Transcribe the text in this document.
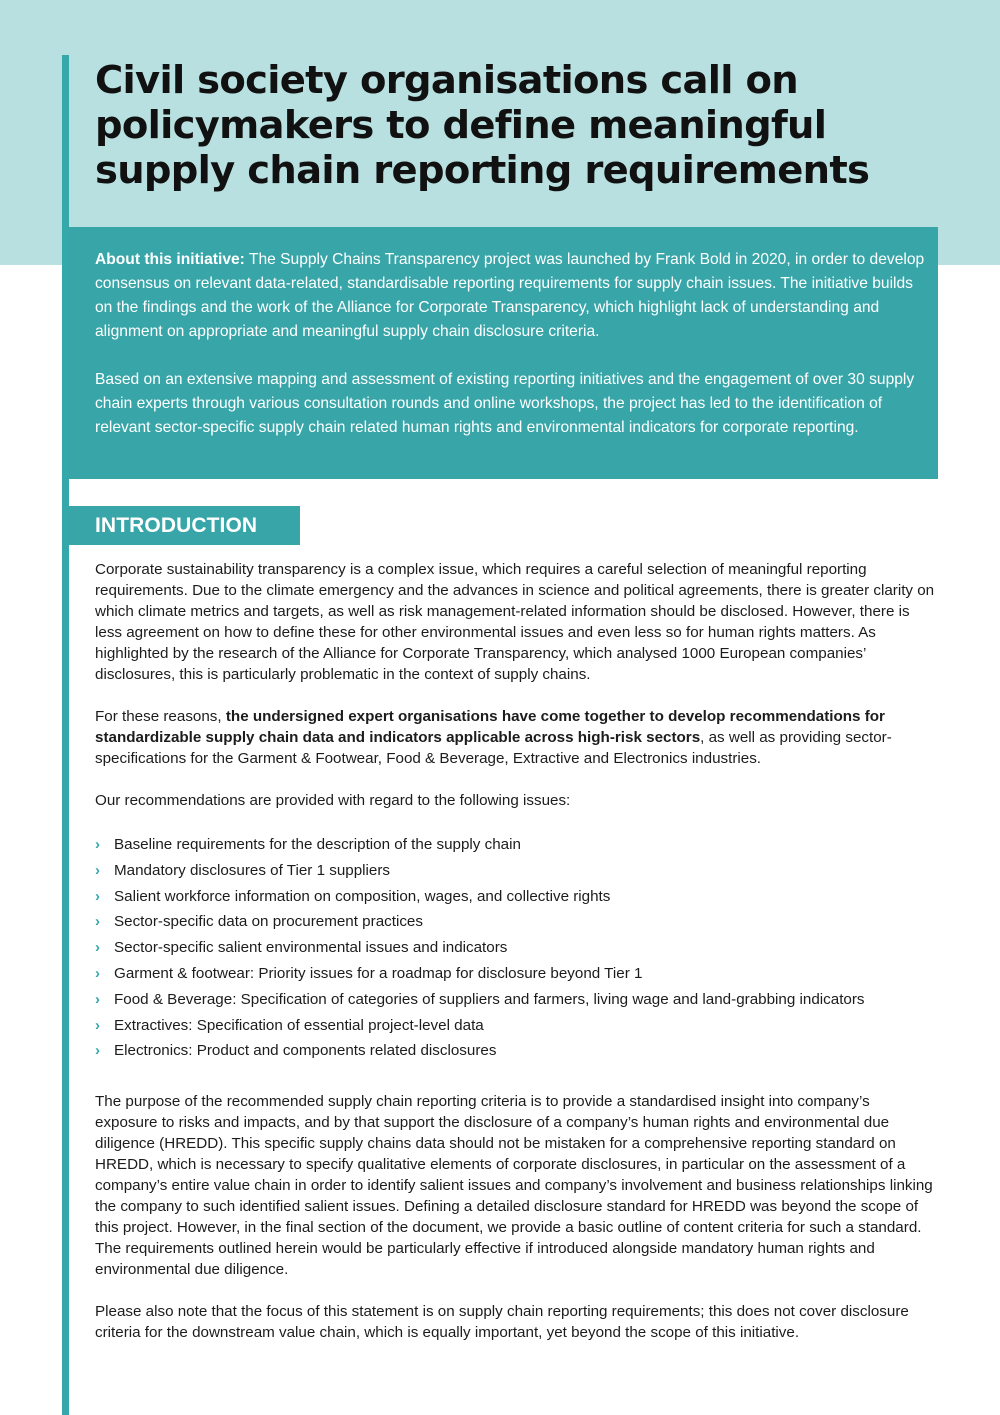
Civil society organisations call on policymakers to define meaningful supply chain reporting requirements

About this initiative: The Supply Chains Transparency project was launched by Frank Bold in 2020, in order to develop consensus on relevant data-related, standardisable reporting requirements for supply chain issues. The initiative builds on the findings and the work of the Alliance for Corporate Transparency, which highlight lack of understanding and alignment on appropriate and meaningful supply chain disclosure criteria.

Based on an extensive mapping and assessment of existing reporting initiatives and the engagement of over 30 supply chain experts through various consultation rounds and online workshops, the project has led to the identification of relevant sector-specific supply chain related human rights and environmental indicators for corporate reporting.

INTRODUCTION

Corporate sustainability transparency is a complex issue, which requires a careful selection of meaningful reporting requirements. Due to the climate emergency and the advances in science and political agreements, there is greater clarity on which climate metrics and targets, as well as risk management-related information should be disclosed. However, there is less agreement on how to define these for other environmental issues and even less so for human rights matters. As highlighted by the research of the Alliance for Corporate Transparency, which analysed 1000 European companies’ disclosures, this is particularly problematic in the context of supply chains.

For these reasons, the undersigned expert organisations have come together to develop recommendations for standardizable supply chain data and indicators applicable across high-risk sectors, as well as providing sector-specifications for the Garment & Footwear, Food & Beverage, Extractive and Electronics industries.

Our recommendations are provided with regard to the following issues:

› Baseline requirements for the description of the supply chain
› Mandatory disclosures of Tier 1 suppliers
› Salient workforce information on composition, wages, and collective rights
› Sector-specific data on procurement practices
› Sector-specific salient environmental issues and indicators
› Garment & footwear: Priority issues for a roadmap for disclosure beyond Tier 1
› Food & Beverage: Specification of categories of suppliers and farmers, living wage and land-grabbing indicators
› Extractives: Specification of essential project-level data
› Electronics: Product and components related disclosures

The purpose of the recommended supply chain reporting criteria is to provide a standardised insight into company’s exposure to risks and impacts, and by that support the disclosure of a company’s human rights and environmental due diligence (HREDD). This specific supply chains data should not be mistaken for a comprehensive reporting standard on HREDD, which is necessary to specify qualitative elements of corporate disclosures, in particular on the assessment of a company’s entire value chain in order to identify salient issues and company’s involvement and business relationships linking the company to such identified salient issues. Defining a detailed disclosure standard for HREDD was beyond the scope of this project. However, in the final section of the document, we provide a basic outline of content criteria for such a standard. The requirements outlined herein would be particularly effective if introduced alongside mandatory human rights and environmental due diligence.

Please also note that the focus of this statement is on supply chain reporting requirements; this does not cover disclosure criteria for the downstream value chain, which is equally important, yet beyond the scope of this initiative.
